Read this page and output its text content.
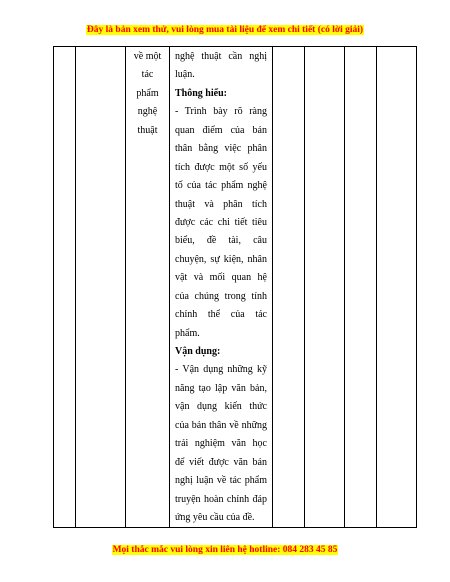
Đây là bản xem thử, vui lòng mua tài liệu để xem chi tiết (có lời giải)

về một
tác
phẩm
nghệ
thuật

nghệ thuật cần nghị
luận.
Thông hiểu:
- Trình bày rõ ràng
quan điểm của bản
thân bằng việc phân
tích được một số yếu
tố của tác phẩm nghệ
thuật và phân tích
được các chi tiết tiêu
biểu, đề tài, câu
chuyện, sự kiện, nhân
vật và mối quan hệ
của chúng trong tính
chỉnh thể của tác
phẩm.
Vận dụng:
- Vận dụng những kỹ
năng tạo lập văn bản,
vận dụng kiến thức
của bản thân về những
trải nghiệm văn học
để viết được văn bản
nghị luận về tác phẩm
truyện hoàn chỉnh đáp
ứng yêu cầu của đề.

Mọi thắc mắc vui lòng xin liên hệ hotline: 084 283 45 85
